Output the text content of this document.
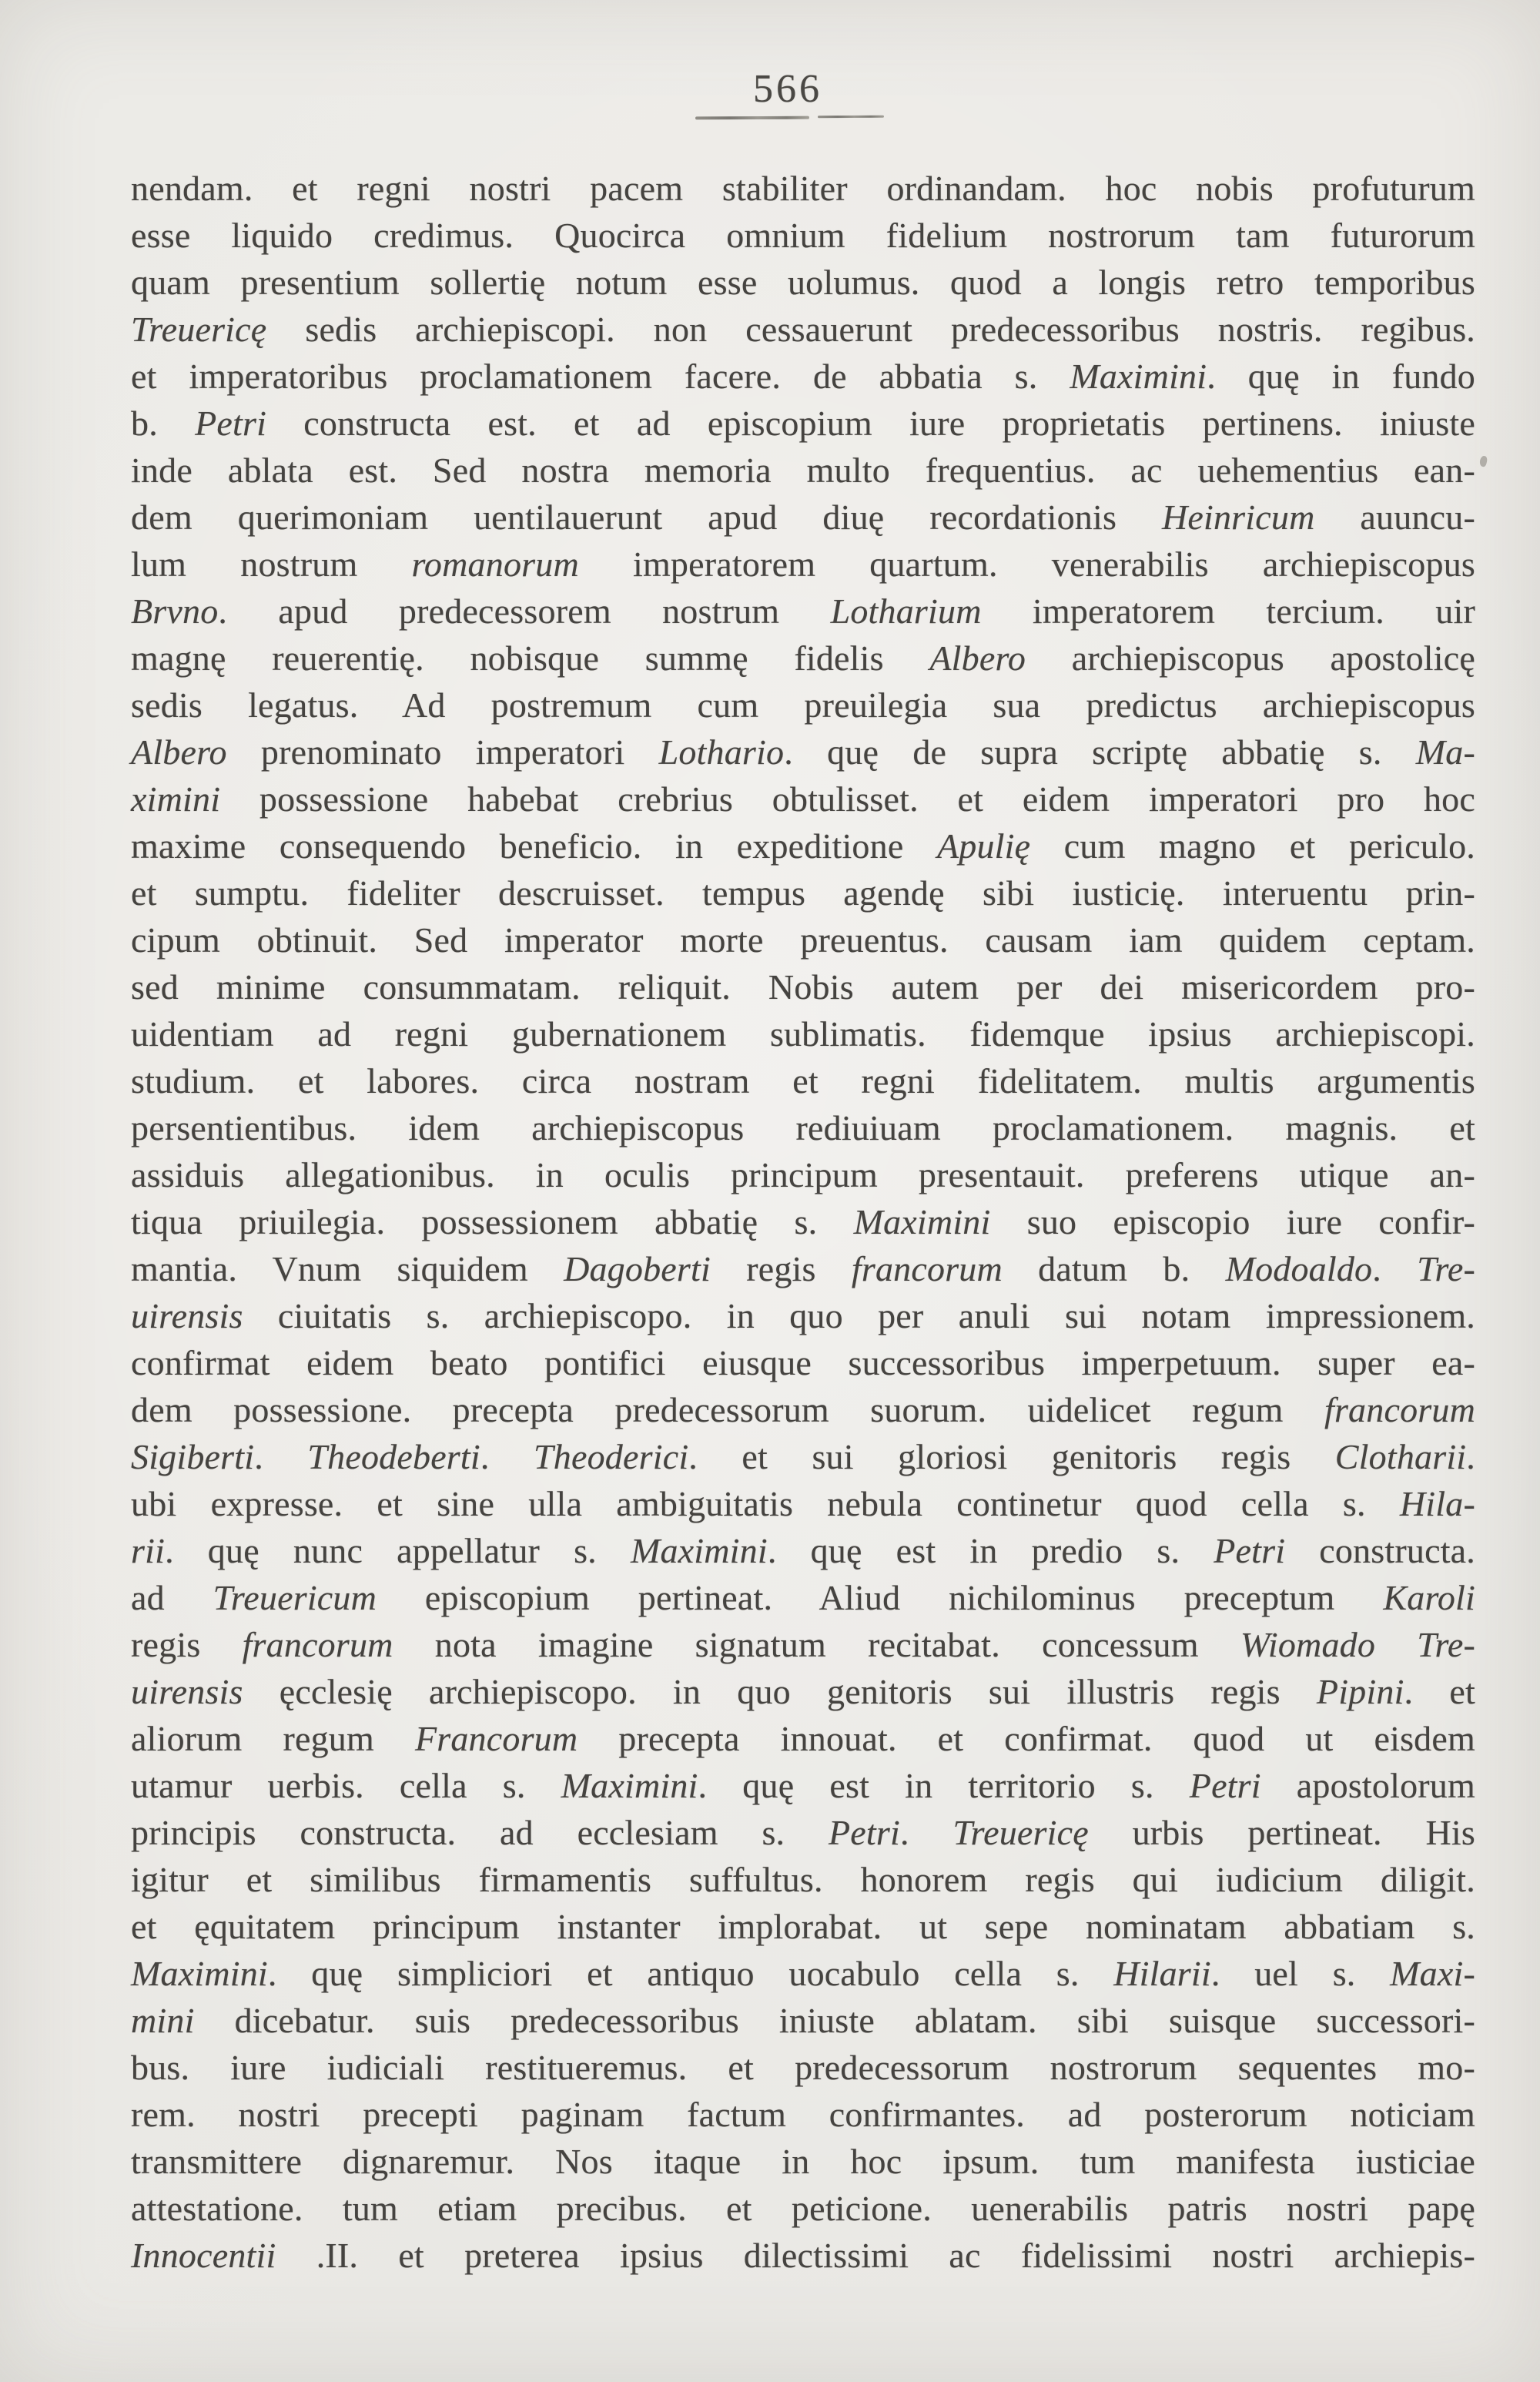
566
nendam. et regni nostri pacem stabiliter ordinandam. hoc nobis profuturum
esse liquido credimus. Quocirca omnium fidelium nostrorum tam futurorum
quam presentium sollertię notum esse uolumus. quod a longis retro temporibus
Treuericę sedis archiepiscopi. non cessauerunt predecessoribus nostris. regibus.
et imperatoribus proclamationem facere. de abbatia s. Maximini. quę in fundo
b. Petri constructa est. et ad episcopium iure proprietatis pertinens. iniuste
inde ablata est. Sed nostra memoria multo frequentius. ac uehementius ean-
dem querimoniam uentilauerunt apud diuę recordationis Heinricum auuncu-
lum nostrum romanorum imperatorem quartum. venerabilis archiepiscopus
Brvno. apud predecessorem nostrum Lotharium imperatorem tercium. uir
magnę reuerentię. nobisque summę fidelis Albero archiepiscopus apostolicę
sedis legatus. Ad postremum cum preuilegia sua predictus archiepiscopus
Albero prenominato imperatori Lothario. quę de supra scriptę abbatię s. Ma-
ximini possessione habebat crebrius obtulisset. et eidem imperatori pro hoc
maxime consequendo beneficio. in expeditione Apulię cum magno et periculo.
et sumptu. fideliter descruisset. tempus agendę sibi iusticię. interuentu prin-
cipum obtinuit. Sed imperator morte preuentus. causam iam quidem ceptam.
sed minime consummatam. reliquit. Nobis autem per dei misericordem pro-
uidentiam ad regni gubernationem sublimatis. fidemque ipsius archiepiscopi.
studium. et labores. circa nostram et regni fidelitatem. multis argumentis
persentientibus. idem archiepiscopus rediuiuam proclamationem. magnis. et
assiduis allegationibus. in oculis principum presentauit. preferens utique an-
tiqua priuilegia. possessionem abbatię s. Maximini suo episcopio iure confir-
mantia. Vnum siquidem Dagoberti regis francorum datum b. Modoaldo. Tre-
uirensis ciuitatis s. archiepiscopo. in quo per anuli sui notam impressionem.
confirmat eidem beato pontifici eiusque successoribus imperpetuum. super ea-
dem possessione. precepta predecessorum suorum. uidelicet regum francorum
Sigiberti. Theodeberti. Theoderici. et sui gloriosi genitoris regis Clotharii.
ubi expresse. et sine ulla ambiguitatis nebula continetur quod cella s. Hila-
rii. quę nunc appellatur s. Maximini. quę est in predio s. Petri constructa.
ad Treuericum episcopium pertineat. Aliud nichilominus preceptum Karoli
regis francorum nota imagine signatum recitabat. concessum Wiomado Tre-
uirensis ęcclesię archiepiscopo. in quo genitoris sui illustris regis Pipini. et
aliorum regum Francorum precepta innouat. et confirmat. quod ut eisdem
utamur uerbis. cella s. Maximini. quę est in territorio s. Petri apostolorum
principis constructa. ad ecclesiam s. Petri. Treuericę urbis pertineat. His
igitur et similibus firmamentis suffultus. honorem regis qui iudicium diligit.
et ęquitatem principum instanter implorabat. ut sepe nominatam abbatiam s.
Maximini. quę simpliciori et antiquo uocabulo cella s. Hilarii. uel s. Maxi-
mini dicebatur. suis predecessoribus iniuste ablatam. sibi suisque successori-
bus. iure iudiciali restitueremus. et predecessorum nostrorum sequentes mo-
rem. nostri precepti paginam factum confirmantes. ad posterorum noticiam
transmittere dignaremur. Nos itaque in hoc ipsum. tum manifesta iusticiae
attestatione. tum etiam precibus. et peticione. uenerabilis patris nostri papę
Innocentii .II. et preterea ipsius dilectissimi ac fidelissimi nostri archiepis-
